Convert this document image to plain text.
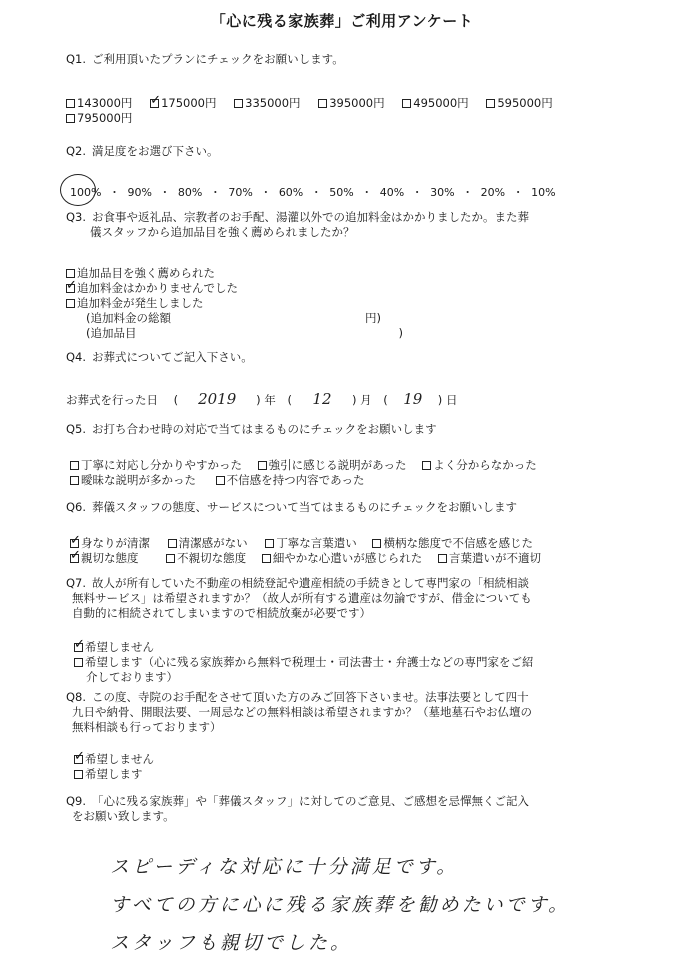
「心に残る家族葬」ご利用アンケート
Q1. ご利用頂いたプランにチェックをお願いします。
143000円 ✓ 175000円 335000円 395000円 495000円 595000円
795000円
Q2. 満足度をお選び下さい。
100% ・ 90% ・ 80% ・ 70% ・ 60% ・ 50% ・ 40% ・ 30% ・ 20% ・ 10%
Q3. お食事や返礼品、宗教者のお手配、湯灌以外での追加料金はかかりましたか。また葬
儀スタッフから追加品目を強く薦められましたか？
追加品目を強く薦められた
✓追加料金はかかりませんでした
追加料金が発生しました
(追加料金の総額	円)
(追加品目	)
Q4. お葬式についてご記入下さい。
お葬式を行った日 ( 2019 ) 年 ( 12 ) 月 ( 19 ) 日
Q5. お打ち合わせ時の対応で当てはまるものにチェックをお願いします
丁寧に対応し分かりやすかった 強引に感じる説明があった よく分からなかった
曖昧な説明が多かった	不信感を持つ内容であった
Q6. 葬儀スタッフの態度、サービスについて当てはまるものにチェックをお願いします
✓身なりが清潔 清潔感がない 丁寧な言葉遣い 横柄な態度で不信感を感じた
✓親切な態度	不親切な態度 細やかな心遣いが感じられた 言葉遣いが不適切
Q7. 故人が所有していた不動産の相続登記や遺産相続の手続きとして専門家の「相続相談
無料サービス」は希望されますか？（故人が所有する遺産は勿論ですが、借金についても
自動的に相続されてしまいますので相続放棄が必要です）
✓希望しません
希望します（心に残る家族葬から無料で税理士・司法書士・弁護士などの専門家をご紹
介しております）
Q8. この度、寺院のお手配をさせて頂いた方のみご回答下さいませ。法事法要として四十
九日や納骨、開眼法要、一周忌などの無料相談は希望されますか？（墓地墓石やお仏壇の
無料相談も行っております）
✓希望しません
希望します
Q9. 「心に残る家族葬」や「葬儀スタッフ」に対してのご意見、ご感想を忌憚無くご記入
をお願い致します。
スピーディな対応に十分満足です。
すべての方に心に残る家族葬を勧めたいです。
スタッフも親切でした。
